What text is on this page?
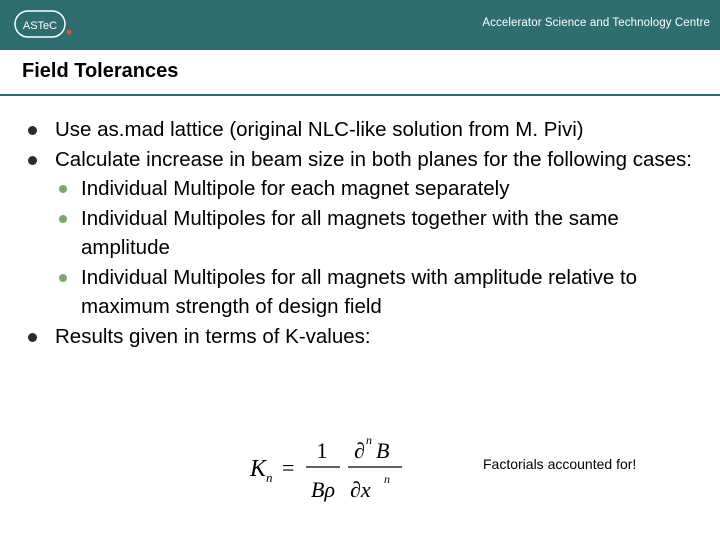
ASTeC	Accelerator Science and Technology Centre
Field Tolerances
Use as.mad lattice (original NLC-like solution from M. Pivi)
Calculate increase in beam size in both planes for the following cases:
Individual Multipole for each magnet separately
Individual Multipoles for all magnets together with the same amplitude
Individual Multipoles for all magnets with amplitude relative to maximum strength of design field
Results given in terms of K-values:
K n =
1
Bρ
∂ n B
∂x n
Factorials accounted for!
